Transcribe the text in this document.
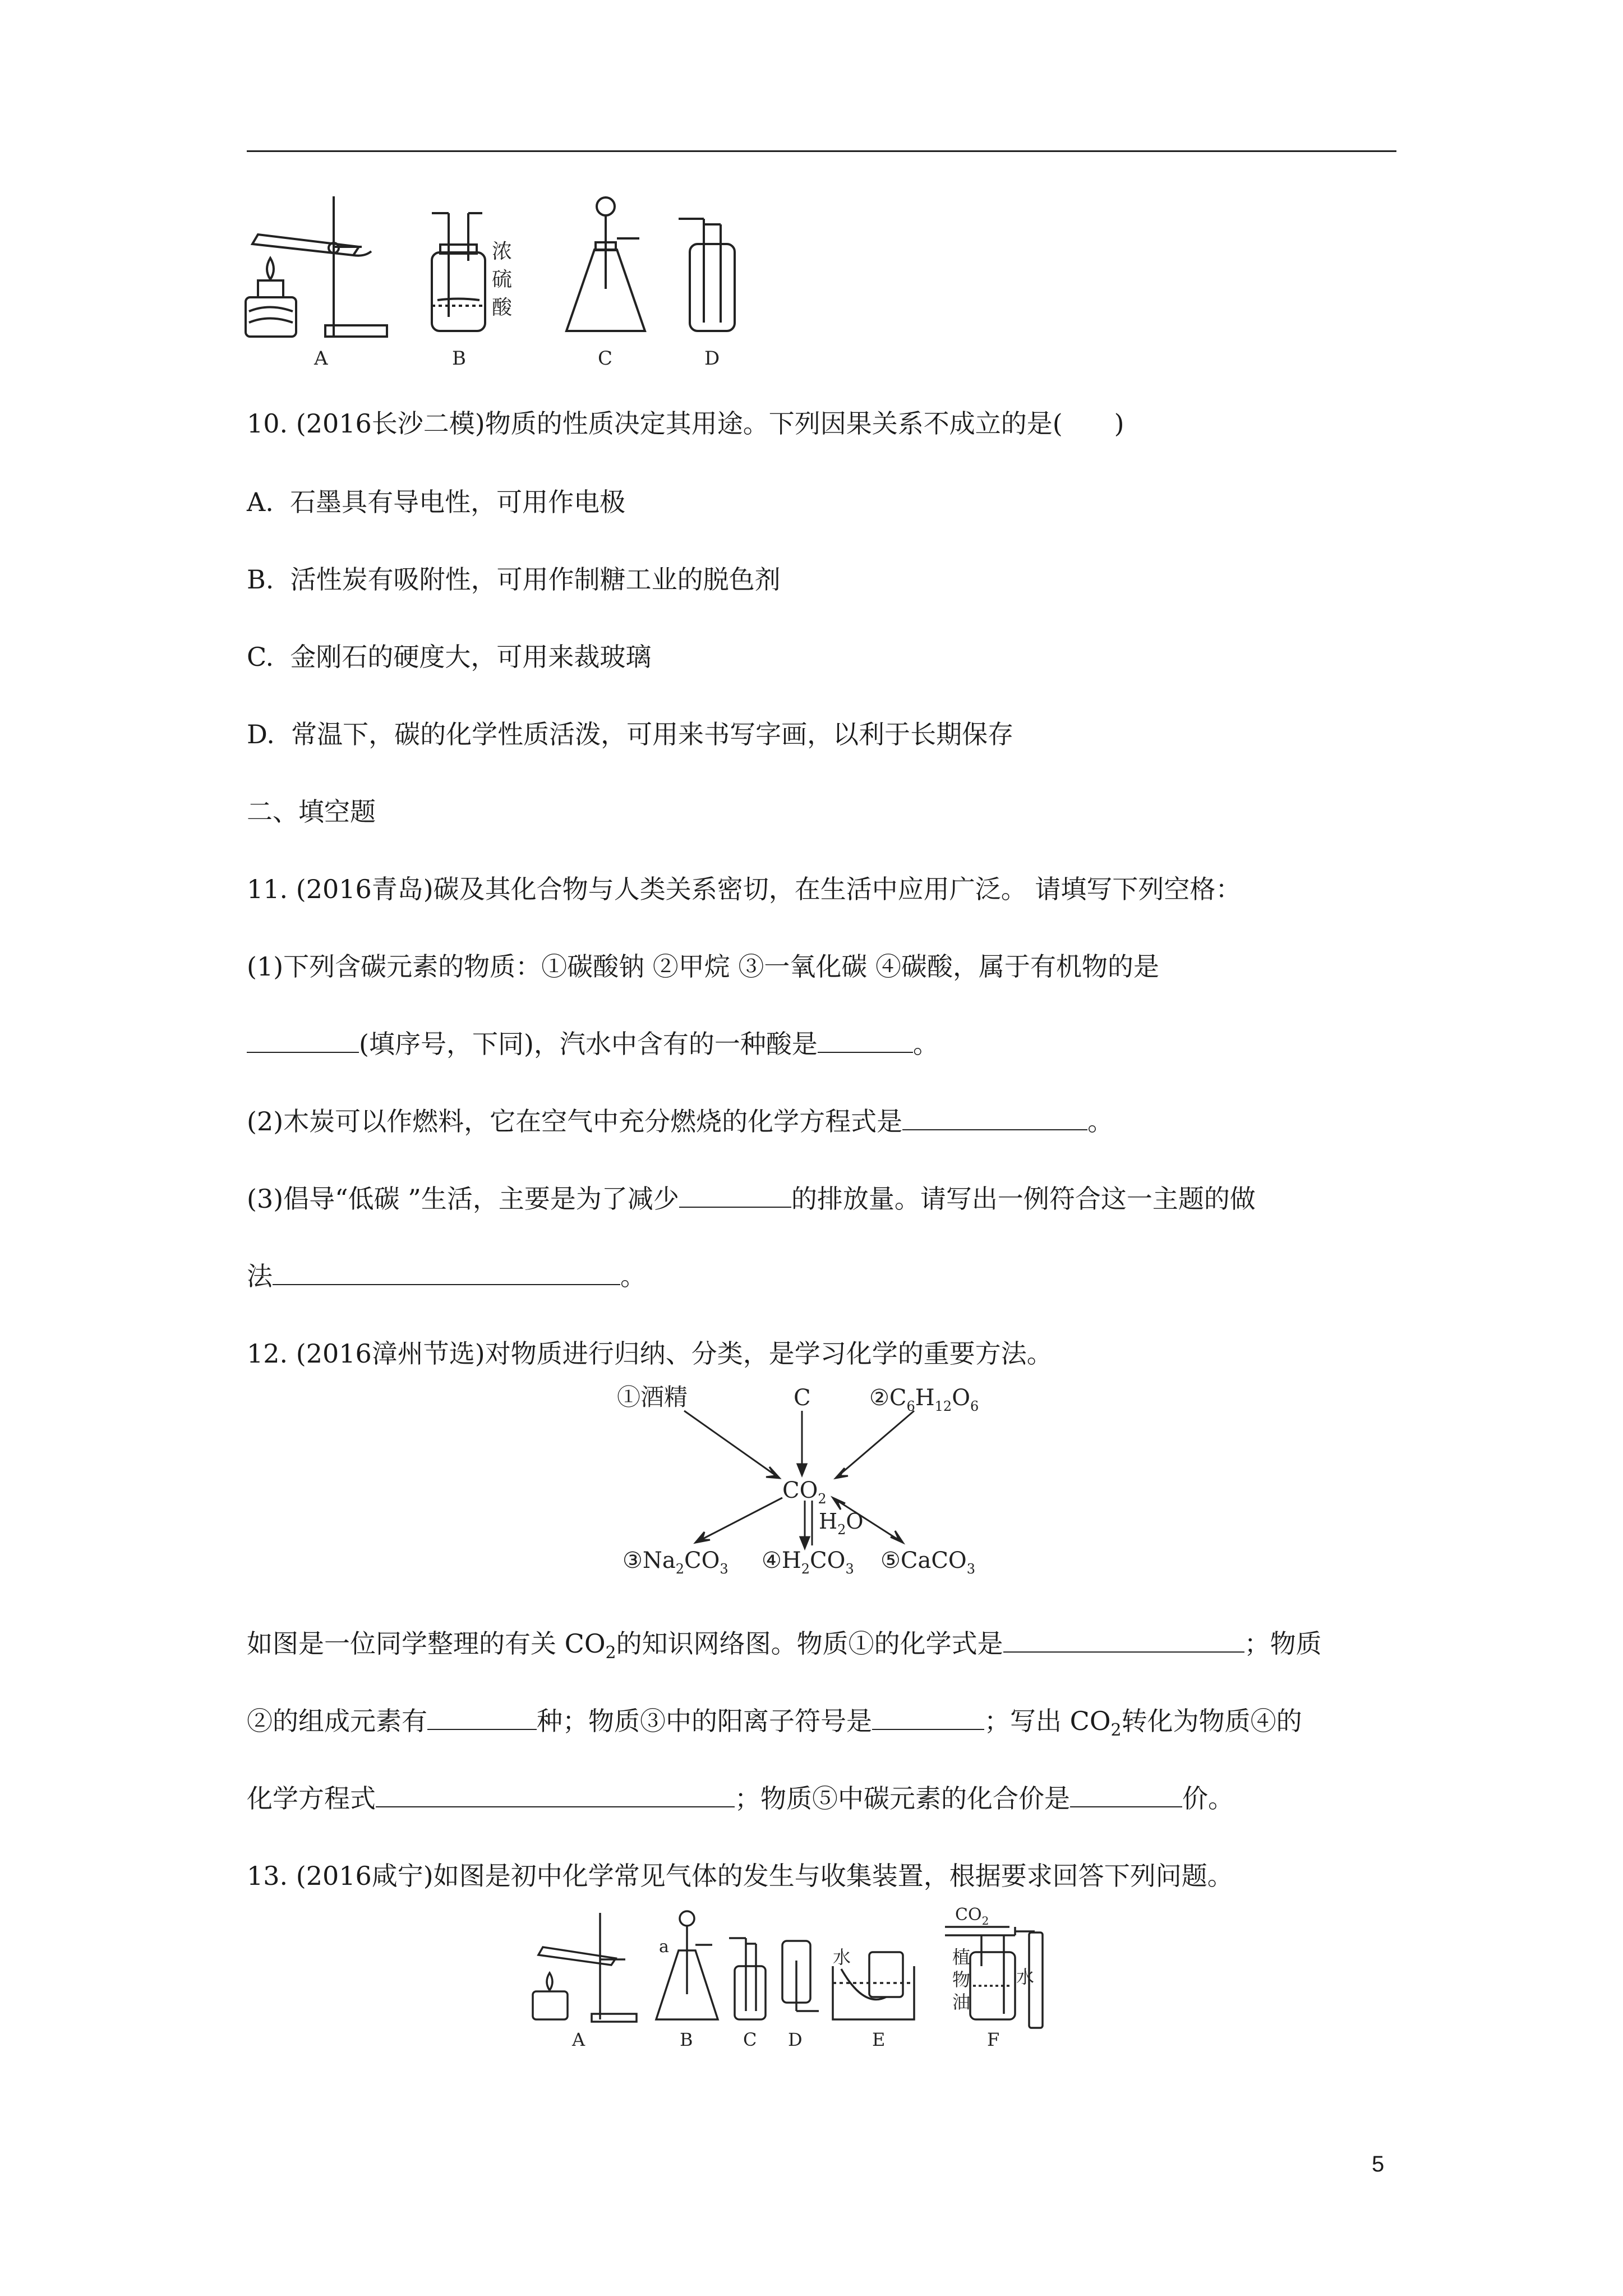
A	B	C	D
浓
硫
酸
10. (2016长沙二模)物质的性质决定其用途。下列因果关系不成立的是(　　)
A.  石墨具有导电性，可用作电极
B.  活性炭有吸附性，可用作制糖工业的脱色剂
C.  金刚石的硬度大，可用来裁玻璃
D.  常温下，碳的化学性质活泼，可用来书写字画，以利于长期保存
二、填空题
11. (2016青岛)碳及其化合物与人类关系密切，在生活中应用广泛。 请填写下列空格：
(1)下列含碳元素的物质：①碳酸钠 ②甲烷 ③一氧化碳 ④碳酸，属于有机物的是
(填序号，下同)，汽水中含有的一种酸是	。
(2)木炭可以作燃料，它在空气中充分燃烧的化学方程式是	。
(3)倡导“低碳 ”生活，主要是为了减少	的排放量。请写出一例符合这一主题的做
法	。
12. (2016漳州节选)对物质进行归纳、分类，是学习化学的重要方法。
①酒精	C	$②C_6H_{12}O_6$
$CO_2$
$H_2O$
$③Na_2CO_3$ $④H_2CO_3$ ⑤CaCO$_3$
如图是一位同学整理的有关 $CO_2$的知识网络图。物质①的化学式是	；物质
②的组成元素有	种；物质③中的阳离子符号是	；写出 $CO_2$转化为物质④的
化学方程式	；物质⑤中碳元素的化合价是	价。
13. (2016咸宁)如图是初中化学常见气体的发生与收集装置，根据要求回答下列问题。
A	B	C D	E	F
a	水
$CO_2$
植
物
油
水
5
